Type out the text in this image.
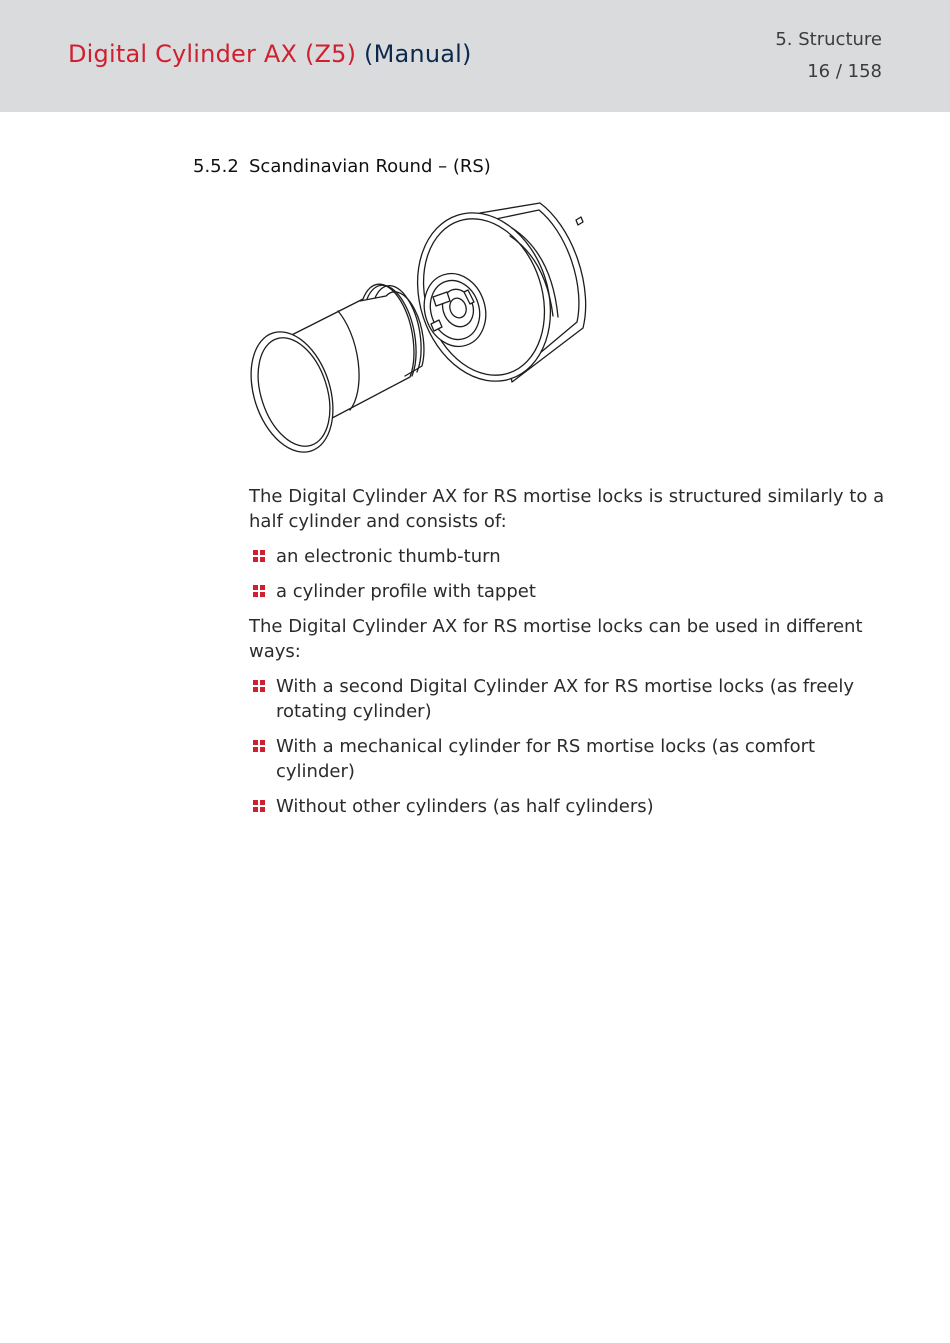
Digital Cylinder AX (Z5) (Manual)
5. Structure
16 / 158
5.5.2 Scandinavian Round – (RS)

The Digital Cylinder AX for RS mortise locks is structured similarly to a half cylinder and consists of:

an electronic thumb-turn
a cylinder profile with tappet

The Digital Cylinder AX for RS mortise locks can be used in different ways:

With a second Digital Cylinder AX for RS mortise locks (as freely rotating cylinder)
With a mechanical cylinder for RS mortise locks (as comfort cylinder)
Without other cylinders (as half cylinders)
